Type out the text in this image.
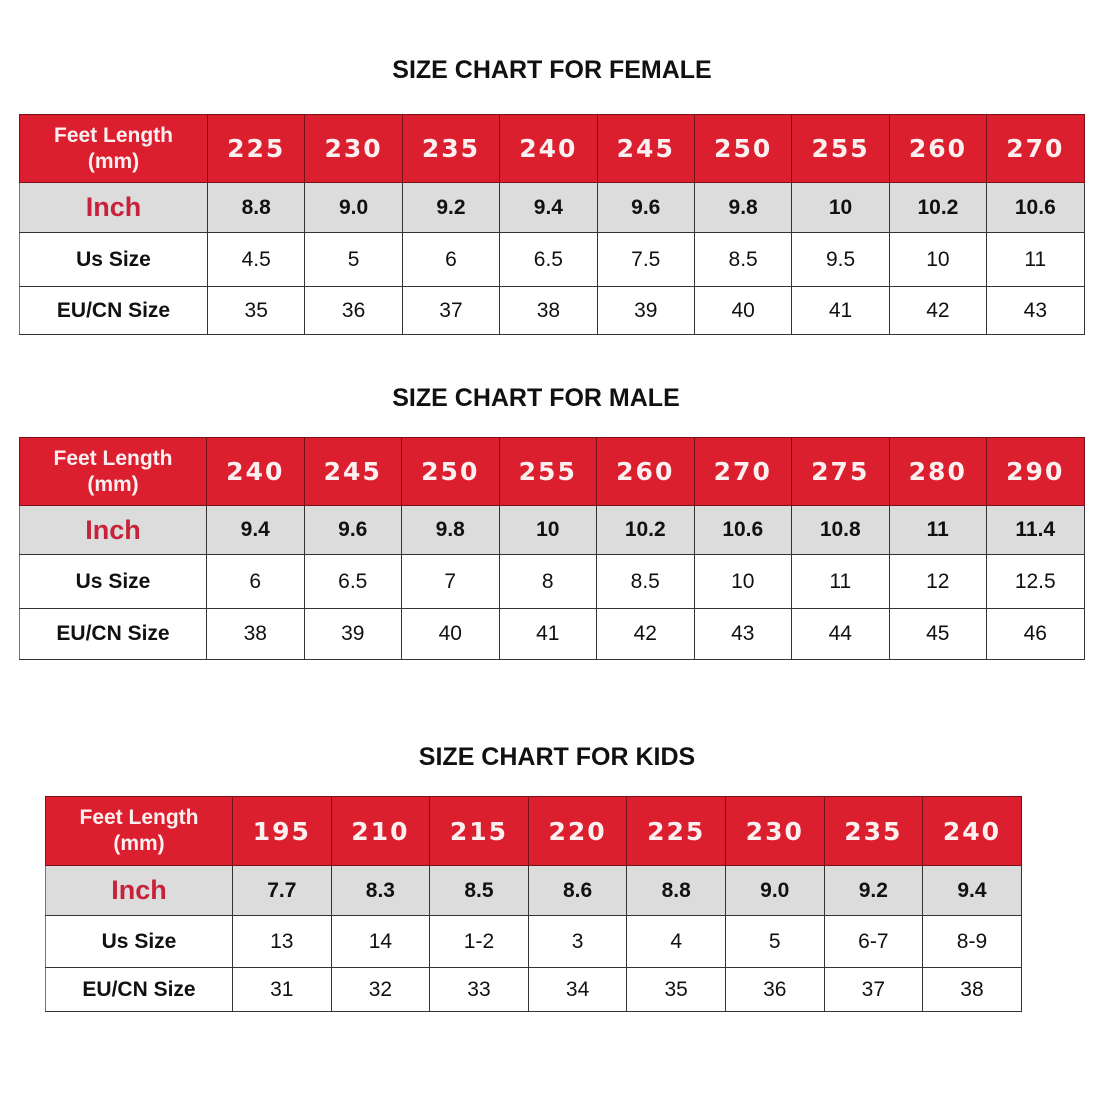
SIZE CHART FOR FEMALE
Feet Length
(mm)	225	230	235	240	245	250	255	260	270
Inch	8.8	9.0	9.2	9.4	9.6	9.8	10	10.2	10.6
Us Size	4.5	5	6	6.5	7.5	8.5	9.5	10	11
EU/CN Size	35	36	37	38	39	40	41	42	43
SIZE CHART FOR MALE
Feet Length
(mm)	240	245	250	255	260	270	275	280	290
Inch	9.4	9.6	9.8	10	10.2	10.6	10.8	11	11.4
Us Size	6	6.5	7	8	8.5	10	11	12	12.5
EU/CN Size	38	39	40	41	42	43	44	45	46
SIZE CHART FOR KIDS
Feet Length
(mm)	195	210	215	220	225	230	235	240
Inch	7.7	8.3	8.5	8.6	8.8	9.0	9.2	9.4
Us Size	13	14	1-2	3	4	5	6-7	8-9
EU/CN Size	31	32	33	34	35	36	37	38
